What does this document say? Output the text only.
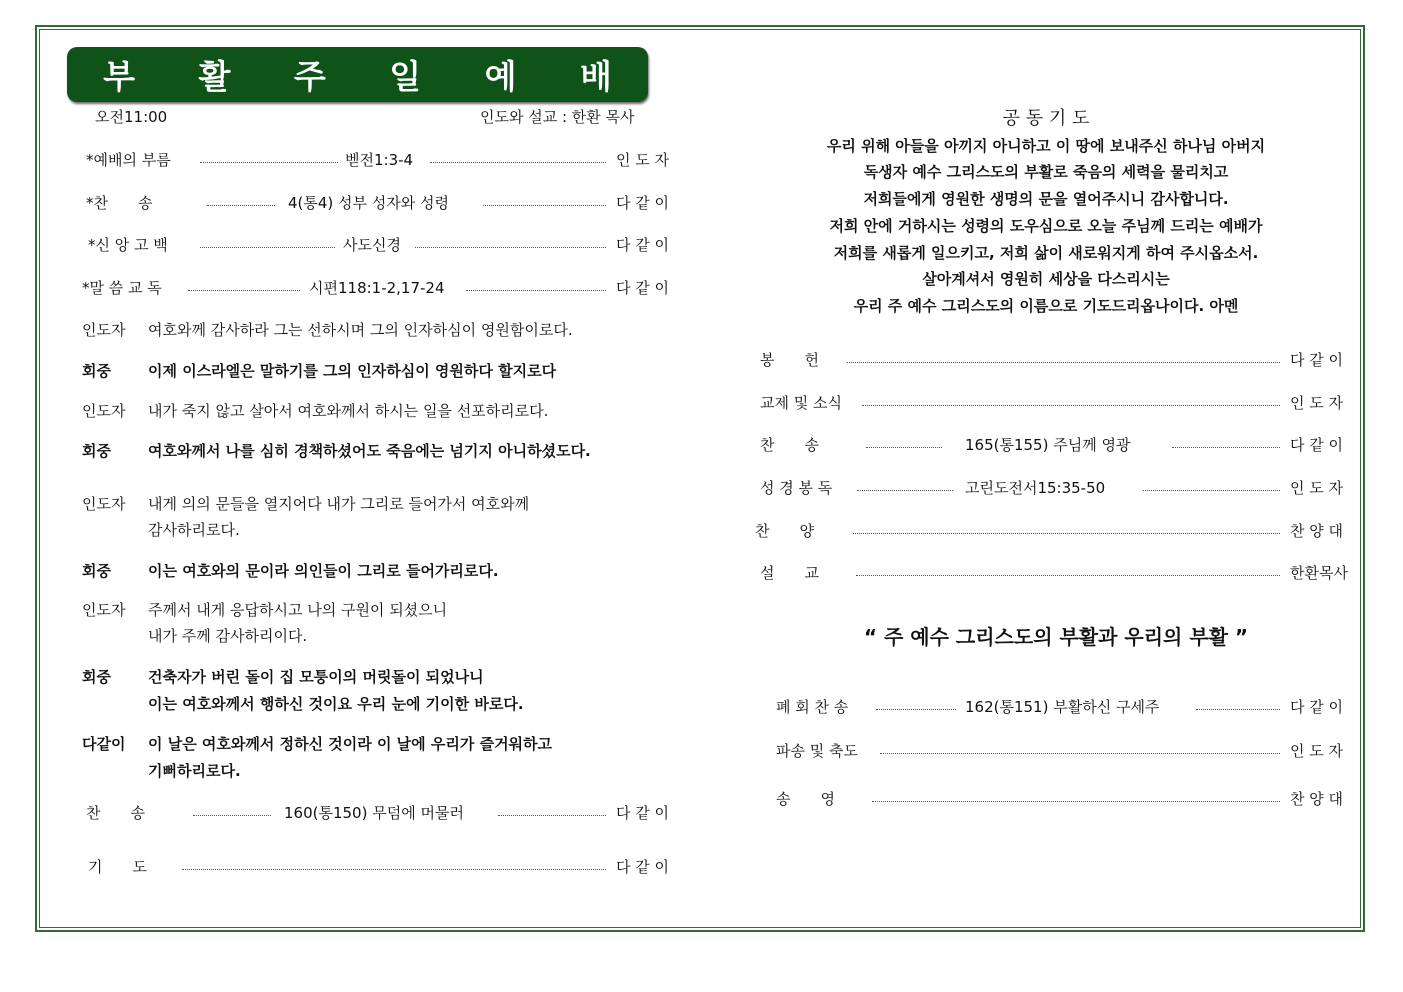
부 활 주 일 예 배
오전11:00	인도와 설교 : 한환 목사
*예배의 부름	벧전1:3-4	인 도 자
*찬　　송	4(통4) 성부 성자와 성령	다 같 이
*신 앙 고 백	사도신경	다 같 이
*말 씀 교 독	시편118:1-2,17-24	다 같 이
인도자 여호와께 감사하라 그는 선하시며 그의 인자하심이 영원함이로다.
회중 이제 이스라엘은 말하기를 그의 인자하심이 영원하다 할지로다
인도자 내가 죽지 않고 살아서 여호와께서 하시는 일을 선포하리로다.
회중 여호와께서 나를 심히 경책하셨어도 죽음에는 넘기지 아니하셨도다.
인도자 내게 의의 문들을 열지어다 내가 그리로 들어가서 여호와께
감사하리로다.
회중 이는 여호와의 문이라 의인들이 그리로 들어가리로다.
인도자 주께서 내게 응답하시고 나의 구원이 되셨으니
내가 주께 감사하리이다.
회중 건축자가 버린 돌이 집 모퉁이의 머릿돌이 되었나니
이는 여호와께서 행하신 것이요 우리 눈에 기이한 바로다.
다같이 이 날은 여호와께서 정하신 것이라 이 날에 우리가 즐거워하고
기뻐하리로다.
찬　　송	160(통150) 무덤에 머물러	다 같 이
기　　도	다 같 이
공 동 기 도
우리 위해 아들을 아끼지 아니하고 이 땅에 보내주신 하나님 아버지
독생자 예수 그리스도의 부활로 죽음의 세력을 물리치고
저희들에게 영원한 생명의 문을 열어주시니 감사합니다.
저희 안에 거하시는 성령의 도우심으로 오늘 주님께 드리는 예배가
저희를 새롭게 일으키고, 저희 삶이 새로워지게 하여 주시옵소서.
살아계셔서 영원히 세상을 다스리시는
우리 주 예수 그리스도의 이름으로 기도드리옵나이다. 아멘
봉　　헌	다 같 이
교제 및 소식	인 도 자
찬　　송	165(통155) 주님께 영광	다 같 이
성 경 봉 독	고린도전서15:35-50	인 도 자
찬　　양	찬 양 대
설　　교	한환목사
“ 주 예수 그리스도의 부활과 우리의 부활 ”
폐 회 찬 송	162(통151) 부활하신 구세주	다 같 이
파송 및 축도	인 도 자
송　　영	찬 양 대
